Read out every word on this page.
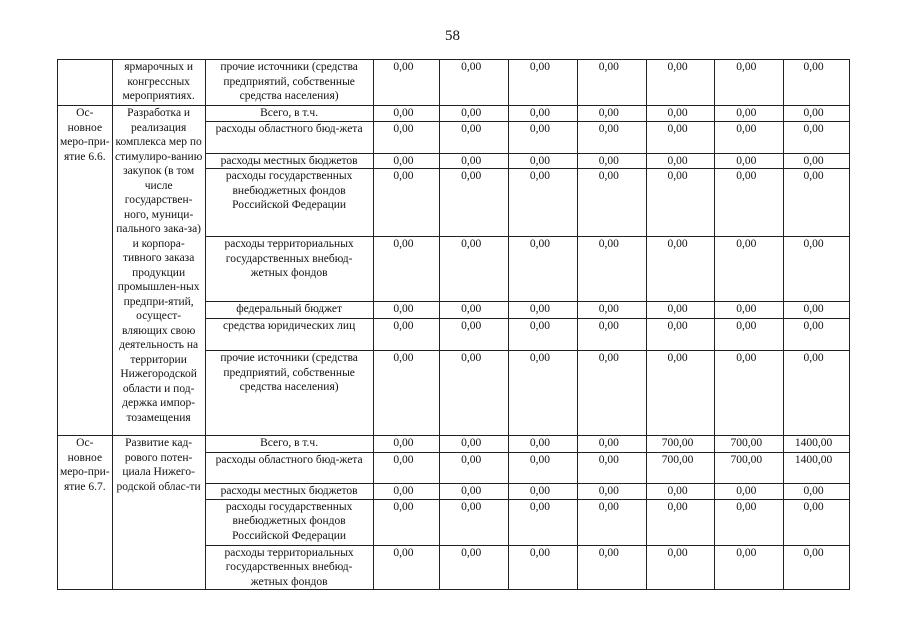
58
	ярмарочных и конгрессных мероприятиях.	прочие источники (средства предприятий, собственные средства населения)	0,00	0,00	0,00	0,00	0,00	0,00	0,00
Ос-новное меро-при-ятие 6.6.	Разработка и реализация комплекса мер по стимулиро-ванию закупок (в том числе государствен-ного, муници-пального зака-за) и корпора-тивного заказа продукции промышлен-ных предпри-ятий, осущест-вляющих свою деятельность на территории Нижегородской области и под-держка импор-тозамещения	Всего, в т.ч.	0,00	0,00	0,00	0,00	0,00	0,00	0,00
		расходы областного бюд-жета	0,00	0,00	0,00	0,00	0,00	0,00	0,00
		расходы местных бюджетов	0,00	0,00	0,00	0,00	0,00	0,00	0,00
		расходы государственных внебюджетных фондов Российской Федерации	0,00	0,00	0,00	0,00	0,00	0,00	0,00
		расходы территориальных государственных внебюд-жетных фондов	0,00	0,00	0,00	0,00	0,00	0,00	0,00
		федеральный бюджет	0,00	0,00	0,00	0,00	0,00	0,00	0,00
		средства юридических лиц	0,00	0,00	0,00	0,00	0,00	0,00	0,00
		прочие источники (средства предприятий, собственные средства населения)	0,00	0,00	0,00	0,00	0,00	0,00	0,00
Ос-новное меро-при-ятие 6.7.	Развитие кад-рового потен-циала Нижего-родской облас-ти	Всего, в т.ч.	0,00	0,00	0,00	0,00	700,00	700,00	1400,00
		расходы областного бюд-жета	0,00	0,00	0,00	0,00	700,00	700,00	1400,00
		расходы местных бюджетов	0,00	0,00	0,00	0,00	0,00	0,00	0,00
		расходы государственных внебюджетных фондов Российской Федерации	0,00	0,00	0,00	0,00	0,00	0,00	0,00
		расходы территориальных государственных внебюд-жетных фондов	0,00	0,00	0,00	0,00	0,00	0,00	0,00
